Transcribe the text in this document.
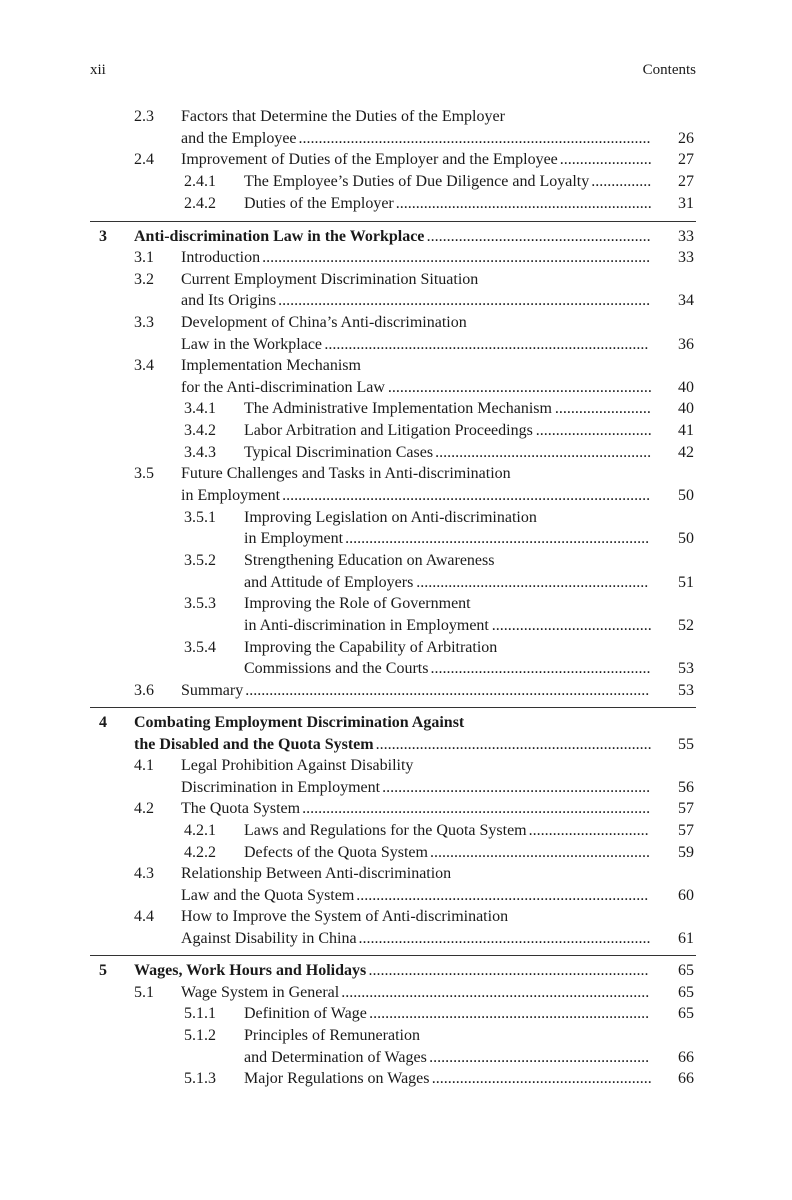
xii	Contents
2.3 Factors that Determine the Duties of the Employer
and the Employee ........................................................................................ 26
2.4 Improvement of Duties of the Employer and the Employee ....................... 27
2.4.1 The Employee’s Duties of Due Diligence and Loyalty ............... 27
2.4.2 Duties of the Employer ................................................................ 31
3 Anti-discrimination Law in the Workplace ........................................................ 33
3.1 Introduction ................................................................................................. 33
3.2 Current Employment Discrimination Situation
and Its Origins ............................................................................................. 34
3.3 Development of China’s Anti-discrimination
Law in the Workplace ................................................................................. 36
3.4 Implementation Mechanism
for the Anti-discrimination Law .................................................................. 40
3.4.1 The Administrative Implementation Mechanism ........................ 40
3.4.2 Labor Arbitration and Litigation Proceedings ............................. 41
3.4.3 Typical Discrimination Cases ...................................................... 42
3.5 Future Challenges and Tasks in Anti-discrimination
in Employment ............................................................................................ 50
3.5.1 Improving Legislation on Anti-discrimination
in Employment ............................................................................ 50
3.5.2 Strengthening Education on Awareness
and Attitude of Employers .......................................................... 51
3.5.3 Improving the Role of Government
in Anti-discrimination in Employment ........................................ 52
3.5.4 Improving the Capability of Arbitration
Commissions and the Courts ....................................................... 53
3.6 Summary ..................................................................................................... 53
4 Combating Employment Discrimination Against
the Disabled and the Quota System ..................................................................... 55
4.1 Legal Prohibition Against Disability
Discrimination in Employment ................................................................... 56
4.2 The Quota System ....................................................................................... 57
4.2.1 Laws and Regulations for the Quota System .............................. 57
4.2.2 Defects of the Quota System ....................................................... 59
4.3 Relationship Between Anti-discrimination
Law and the Quota System ......................................................................... 60
4.4 How to Improve the System of Anti-discrimination
Against Disability in China ......................................................................... 61
5 Wages, Work Hours and Holidays ...................................................................... 65
5.1 Wage System in General ............................................................................. 65
5.1.1 Definition of Wage ...................................................................... 65
5.1.2 Principles of Remuneration
and Determination of Wages ....................................................... 66
5.1.3 Major Regulations on Wages ....................................................... 66
